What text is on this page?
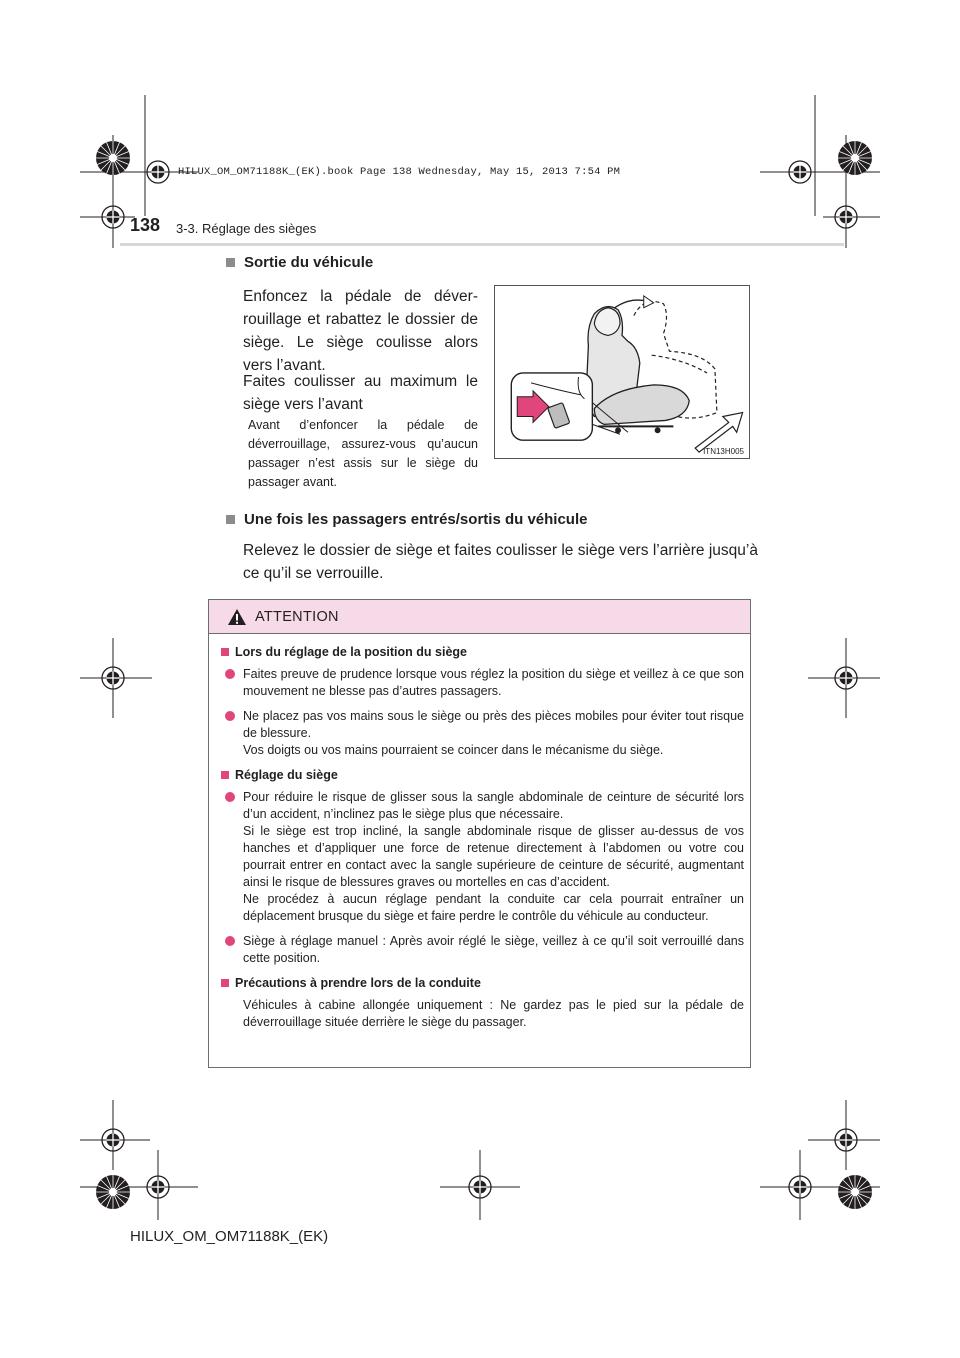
HILUX_OM_OM71188K_(EK).book Page 138 Wednesday, May 15, 2013 7:54 PM
138 3-3. Réglage des sièges
Sortie du véhicule
Enfoncez la pédale de déverrouillage et rabattez le dossier de siège. Le siège coulisse alors vers l’avant.
Faites coulisser au maximum le siège vers l’avant
Avant d’enfoncer la pédale de déverrouillage, assurez-vous qu’aucun passager n’est assis sur le siège du passager avant.
ITN13H005
Une fois les passagers entrés/sortis du véhicule
Relevez le dossier de siège et faites coulisser le siège vers l’arrière jusqu’à ce qu’il se verrouille.
ATTENTION
Lors du réglage de la position du siège
Faites preuve de prudence lorsque vous réglez la position du siège et veillez à ce que son mouvement ne blesse pas d’autres passagers.
Ne placez pas vos mains sous le siège ou près des pièces mobiles pour éviter tout risque de blessure.
Vos doigts ou vos mains pourraient se coincer dans le mécanisme du siège.
Réglage du siège
Pour réduire le risque de glisser sous la sangle abdominale de ceinture de sécurité lors d’un accident, n’inclinez pas le siège plus que nécessaire.
Si le siège est trop incliné, la sangle abdominale risque de glisser au-dessus de vos hanches et d’appliquer une force de retenue directement à l’abdomen ou votre cou pourrait entrer en contact avec la sangle supérieure de ceinture de sécurité, augmentant ainsi le risque de blessures graves ou mortelles en cas d’accident.
Ne procédez à aucun réglage pendant la conduite car cela pourrait entraîner un déplacement brusque du siège et faire perdre le contrôle du véhicule au conducteur.
Siège à réglage manuel : Après avoir réglé le siège, veillez à ce qu’il soit verrouillé dans cette position.
Précautions à prendre lors de la conduite
Véhicules à cabine allongée uniquement : Ne gardez pas le pied sur la pédale de déverrouillage située derrière le siège du passager.
HILUX_OM_OM71188K_(EK)
